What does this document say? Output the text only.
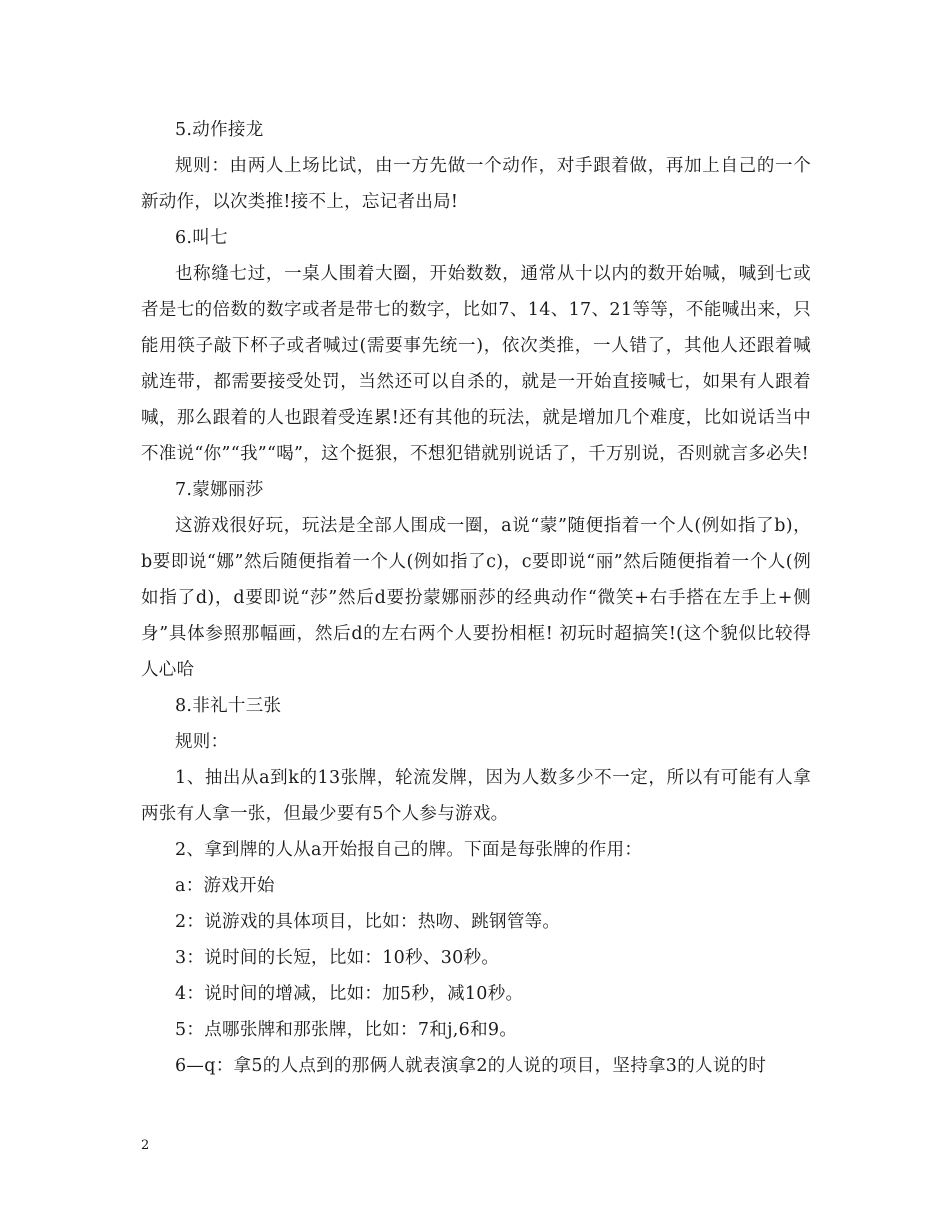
5.动作接龙

规则：由两人上场比试，由一方先做一个动作，对手跟着做，再加上自己的一个新动作，以次类推!接不上，忘记者出局!

6.叫七

也称缝七过，一桌人围着大圈，开始数数，通常从十以内的数开始喊，喊到七或者是七的倍数的数字或者是带七的数字，比如7、14、17、21等等，不能喊出来，只能用筷子敲下杯子或者喊过(需要事先统一)，依次类推，一人错了，其他人还跟着喊就连带，都需要接受处罚，当然还可以自杀的，就是一开始直接喊七，如果有人跟着喊，那么跟着的人也跟着受连累!还有其他的玩法，就是增加几个难度，比如说话当中不准说“你”“我”“喝”，这个挺狠，不想犯错就别说话了，千万别说，否则就言多必失!

7.蒙娜丽莎

这游戏很好玩，玩法是全部人围成一圈，a说“蒙”随便指着一个人(例如指了b)，b要即说“娜”然后随便指着一个人(例如指了c)，c要即说“丽”然后随便指着一个人(例如指了d)，d要即说“莎”然后d要扮蒙娜丽莎的经典动作“微笑+右手搭在左手上+侧身”具体参照那幅画，然后d的左右两个人要扮相框! 初玩时超搞笑!(这个貌似比较得人心哈

8.非礼十三张

规则：

1、抽出从a到k的13张牌，轮流发牌，因为人数多少不一定，所以有可能有人拿两张有人拿一张，但最少要有5个人参与游戏。

2、拿到牌的人从a开始报自己的牌。下面是每张牌的作用：

a：游戏开始

2：说游戏的具体项目，比如：热吻、跳钢管等。

3：说时间的长短，比如：10秒、30秒。

4：说时间的增减，比如：加5秒，减10秒。

5：点哪张牌和那张牌，比如：7和j,6和9。

6—q：拿5的人点到的那俩人就表演拿2的人说的项目，坚持拿3的人说的时

2
